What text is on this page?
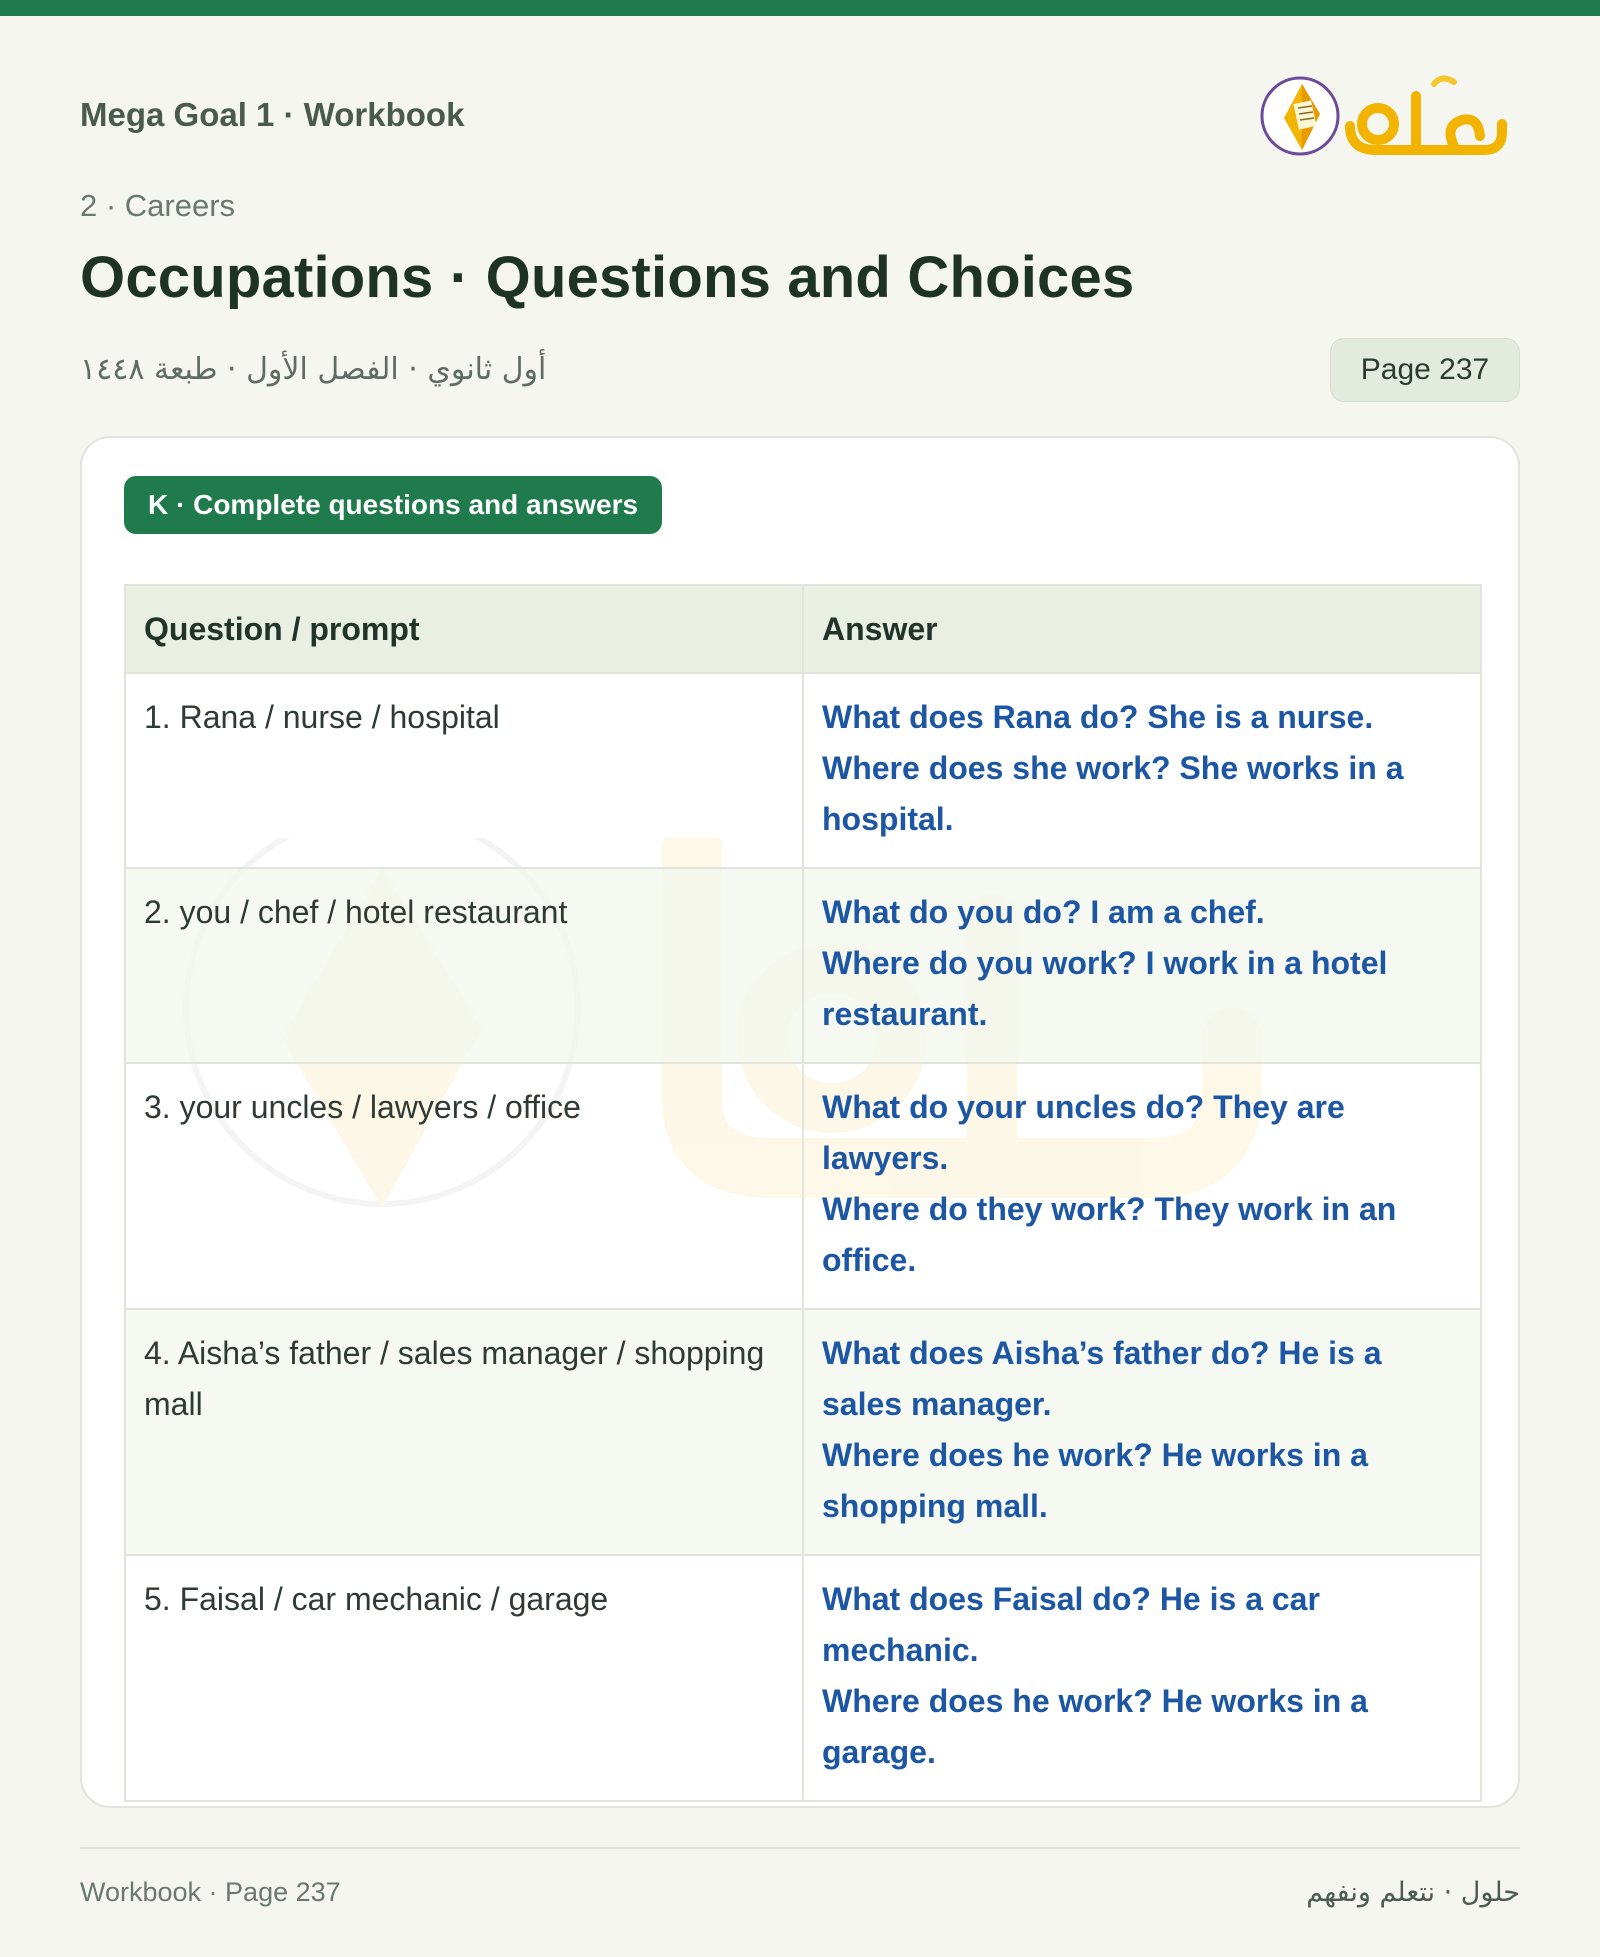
Mega Goal 1 · Workbook
2 · Careers
Occupations · Questions and Choices
أول ثانوي · الفصل الأول · طبعة ١٤٤٨	Page 237
K · Complete questions and answers
Question / prompt	Answer
1. Rana / nurse / hospital	What does Rana do? She is a nurse.
Where does she work? She works in a hospital.

2. you / chef / hotel restaurant	What do you do? I am a chef.
Where do you work? I work in a hotel restaurant.

3. your uncles / lawyers / office	What do your uncles do? They are lawyers.
Where do they work? They work in an office.

4. Aisha’s father / sales manager / shopping mall	What does Aisha’s father do? He is a sales manager.
Where does he work? He works in a shopping mall.

5. Faisal / car mechanic / garage	What does Faisal do? He is a car mechanic.
Where does he work? He works in a garage.
Workbook · Page 237	حلول · نتعلم ونفهم
